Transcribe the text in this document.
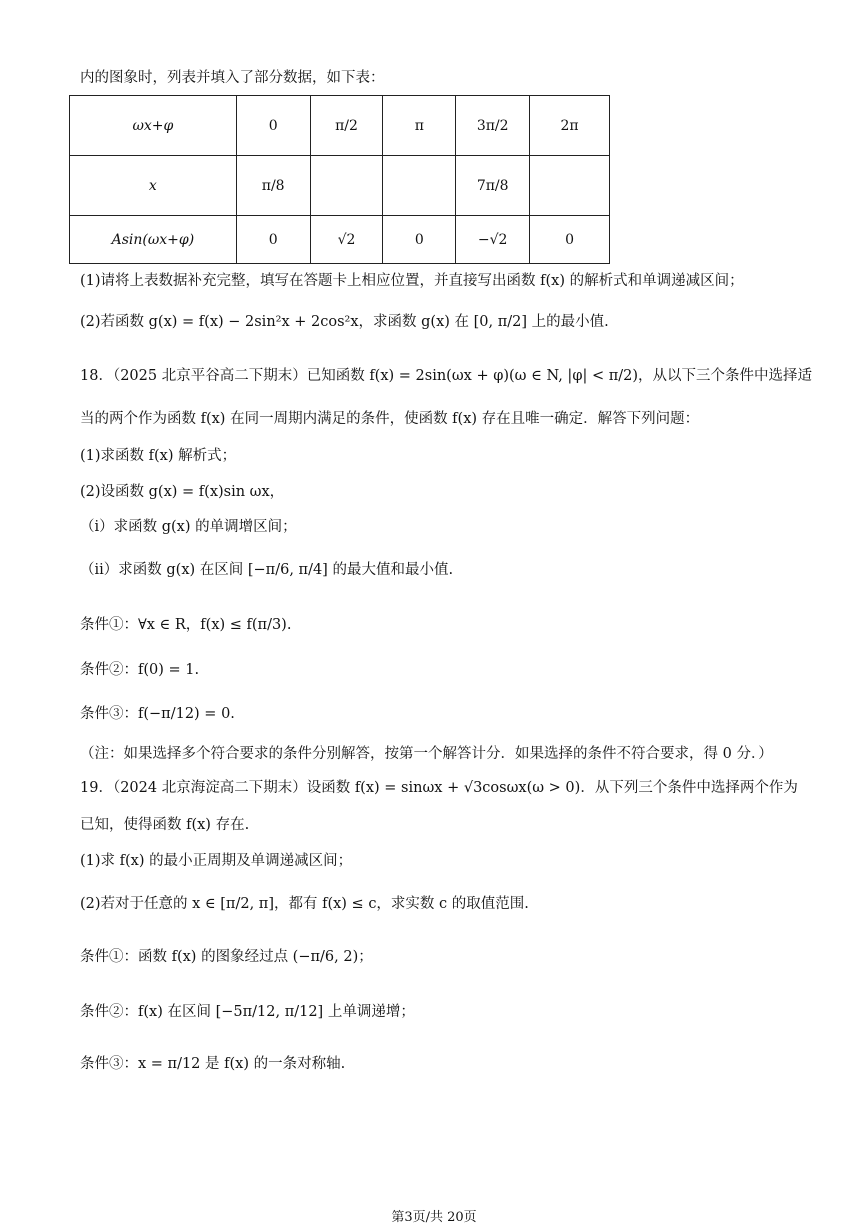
内的图象时，列表并填入了部分数据，如下表：
ωx+φ	0	π/2	π	3π/2	2π
x	π/8			7π/8	
Asin(ωx+φ)	0	√2	0	−√2	0
(1)请将上表数据补充完整，填写在答题卡上相应位置，并直接写出函数 f(x) 的解析式和单调递减区间；
(2)若函数 g(x) = f(x) − 2sin²x + 2cos²x，求函数 g(x) 在 [0, π/2] 上的最小值.
18．（2025 北京平谷高二下期末）已知函数 f(x) = 2sin(ωx + φ)(ω ∈ N, |φ| < π/2)，从以下三个条件中选择适
当的两个作为函数 f(x) 在同一周期内满足的条件，使函数 f(x) 存在且唯一确定．解答下列问题：
(1)求函数 f(x) 解析式；
(2)设函数 g(x) = f(x)sin ωx，
（i）求函数 g(x) 的单调增区间；
（ii）求函数 g(x) 在区间 [−π/6, π/4] 的最大值和最小值.
条件①：∀x ∈ R，f(x) ≤ f(π/3).
条件②：f(0) = 1.
条件③：f(−π/12) = 0.
（注：如果选择多个符合要求的条件分别解答，按第一个解答计分．如果选择的条件不符合要求，得 0 分．）
19．（2024 北京海淀高二下期末）设函数 f(x) = sinωx + √3cosωx(ω > 0)．从下列三个条件中选择两个作为
已知，使得函数 f(x) 存在.
(1)求 f(x) 的最小正周期及单调递减区间；
(2)若对于任意的 x ∈ [π/2, π]，都有 f(x) ≤ c，求实数 c 的取值范围.
条件①：函数 f(x) 的图象经过点 (−π/6, 2)；
条件②：f(x) 在区间 [−5π/12, π/12] 上单调递增；
条件③：x = π/12 是 f(x) 的一条对称轴.
第3页/共 20页
